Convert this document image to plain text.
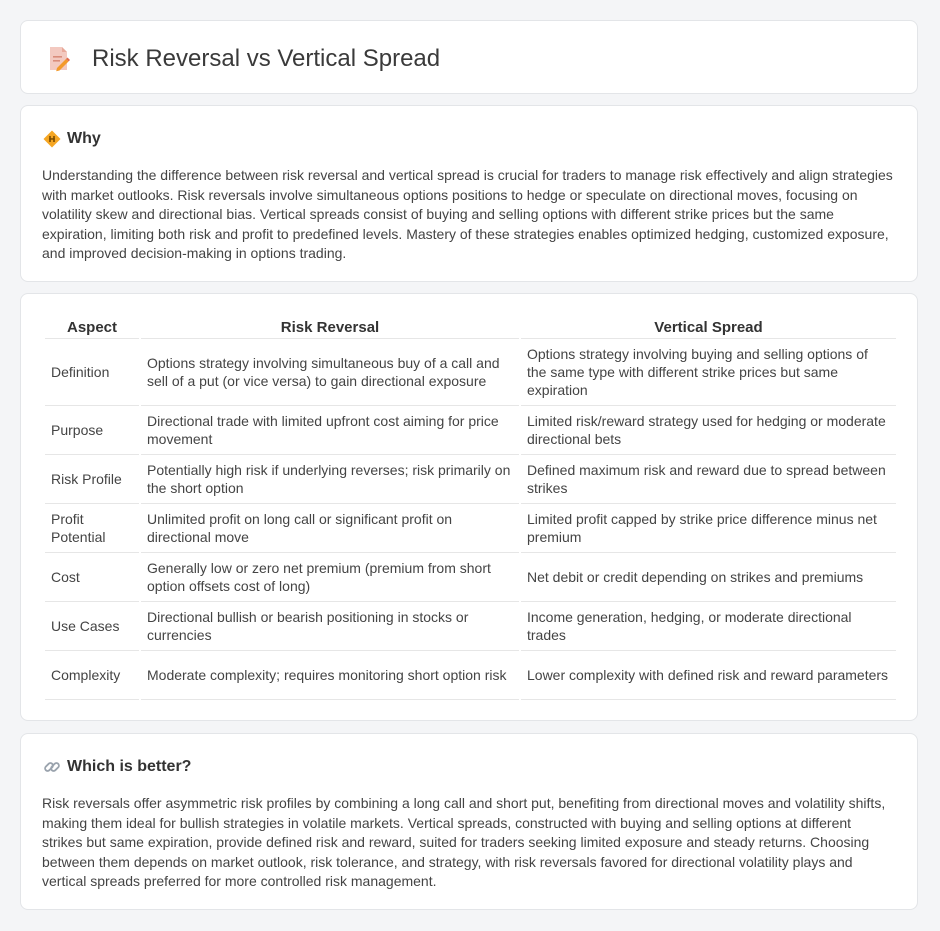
Risk Reversal vs Vertical Spread
Why

Understanding the difference between risk reversal and vertical spread is crucial for traders to manage risk effectively and align strategies with market outlooks. Risk reversals involve simultaneous options positions to hedge or speculate on directional moves, focusing on volatility skew and directional bias. Vertical spreads consist of buying and selling options with different strike prices but the same expiration, limiting both risk and profit to predefined levels. Mastery of these strategies enables optimized hedging, customized exposure, and improved decision-making in options trading.

Aspect	Risk Reversal	Vertical Spread
Definition	Options strategy involving simultaneous buy of a call and sell of a put (or vice versa) to gain directional exposure	Options strategy involving buying and selling options of the same type with different strike prices but same expiration
Purpose	Directional trade with limited upfront cost aiming for price movement	Limited risk/reward strategy used for hedging or moderate directional bets
Risk Profile	Potentially high risk if underlying reverses; risk primarily on the short option	Defined maximum risk and reward due to spread between strikes
Profit Potential	Unlimited profit on long call or significant profit on directional move	Limited profit capped by strike price difference minus net premium
Cost	Generally low or zero net premium (premium from short option offsets cost of long)	Net debit or credit depending on strikes and premiums
Use Cases	Directional bullish or bearish positioning in stocks or currencies	Income generation, hedging, or moderate directional trades
Complexity	Moderate complexity; requires monitoring short option risk	Lower complexity with defined risk and reward parameters
Which is better?

Risk reversals offer asymmetric risk profiles by combining a long call and short put, benefiting from directional moves and volatility shifts, making them ideal for bullish strategies in volatile markets. Vertical spreads, constructed with buying and selling options at different strikes but same expiration, provide defined risk and reward, suited for traders seeking limited exposure and steady returns. Choosing between them depends on market outlook, risk tolerance, and strategy, with risk reversals favored for directional volatility plays and vertical spreads preferred for more controlled risk management.
